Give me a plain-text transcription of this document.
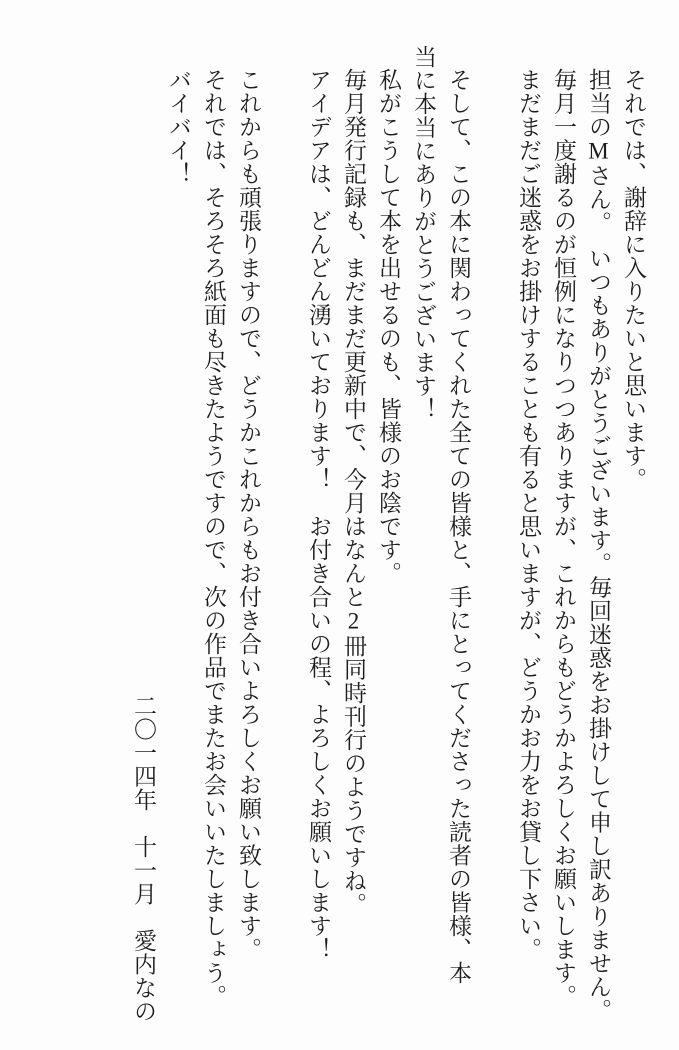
それでは、謝辞に入りたいと思います。

担当のMさん。　いつもありがとうございます。毎回迷惑をお掛けして申し訳ありません。

毎月一度謝るのが恒例になりつつありますが、これからもどうかよろしくお願いします。

まだまだご迷惑をお掛けすることも有ると思いますが、どうかお力をお貸し下さい。

そして、この本に関わってくれた全ての皆様と、手にとってくださった読者の皆様、本

当に本当にありがとうございます！

私がこうして本を出せるのも、皆様のお陰です。

毎月発行記録も、まだまだ更新中で、今月はなんと2冊同時刊行のようですね。

アイデアは、どんどん湧いております！　お付き合いの程、よろしくお願いします！

これからも頑張りますので、どうかこれからもお付き合いよろしくお願い致します。

それでは、そろそろ紙面も尽きたようですので、次の作品でまたお会いいたしましょう。

バイバイ！

二〇一四年　十一月　愛内なの
